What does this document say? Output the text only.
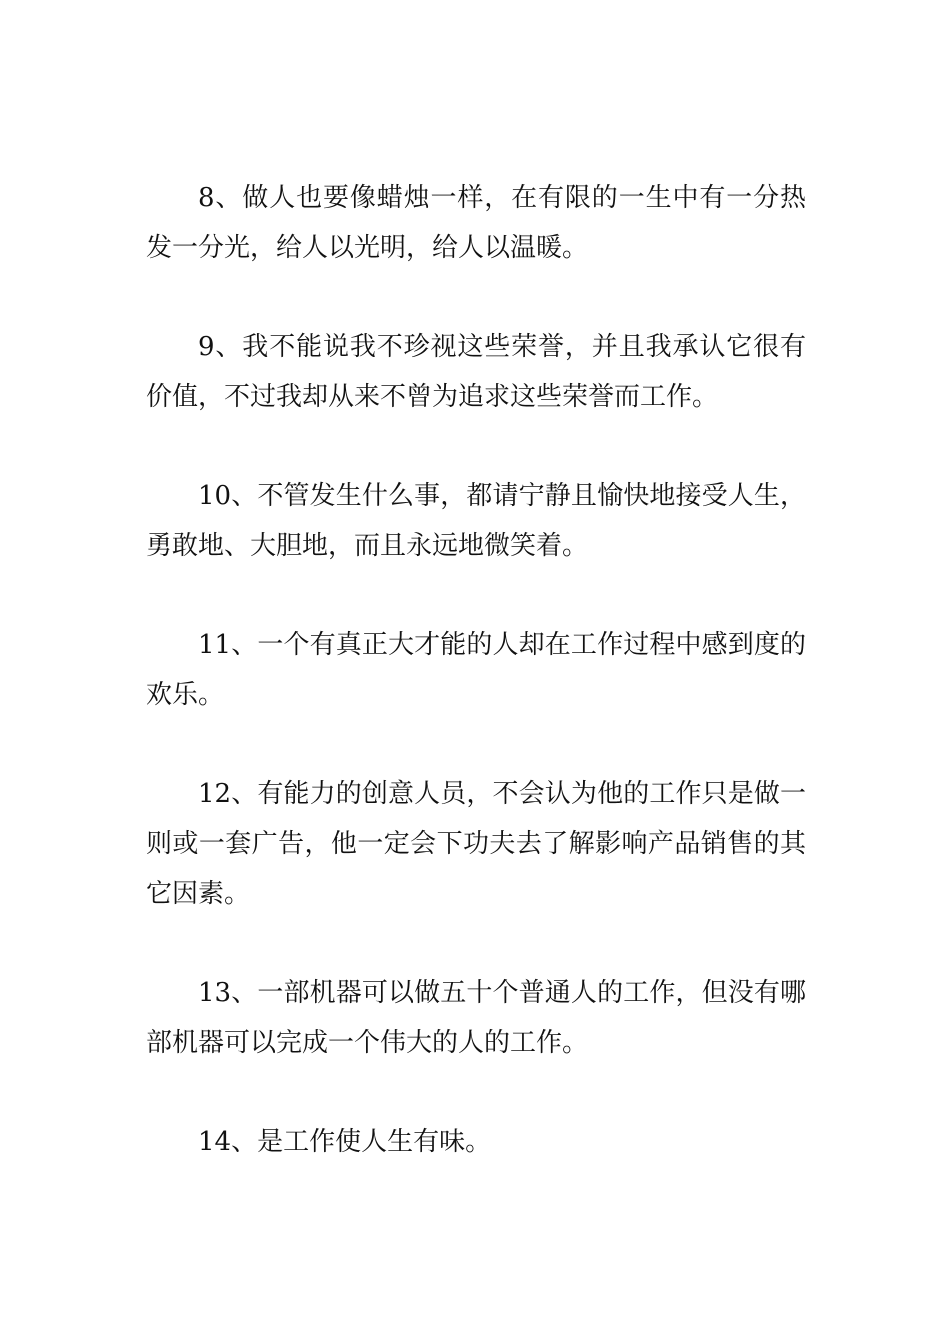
8、做人也要像蜡烛一样，在有限的一生中有一分热发一分光，给人以光明，给人以温暖。

9、我不能说我不珍视这些荣誉，并且我承认它很有价值，不过我却从来不曾为追求这些荣誉而工作。

10、不管发生什么事，都请宁静且愉快地接受人生，勇敢地、大胆地，而且永远地微笑着。

11、一个有真正大才能的人却在工作过程中感到度的欢乐。

12、有能力的创意人员，不会认为他的工作只是做一则或一套广告，他一定会下功夫去了解影响产品销售的其它因素。

13、一部机器可以做五十个普通人的工作，但没有哪部机器可以完成一个伟大的人的工作。

14、是工作使人生有味。
